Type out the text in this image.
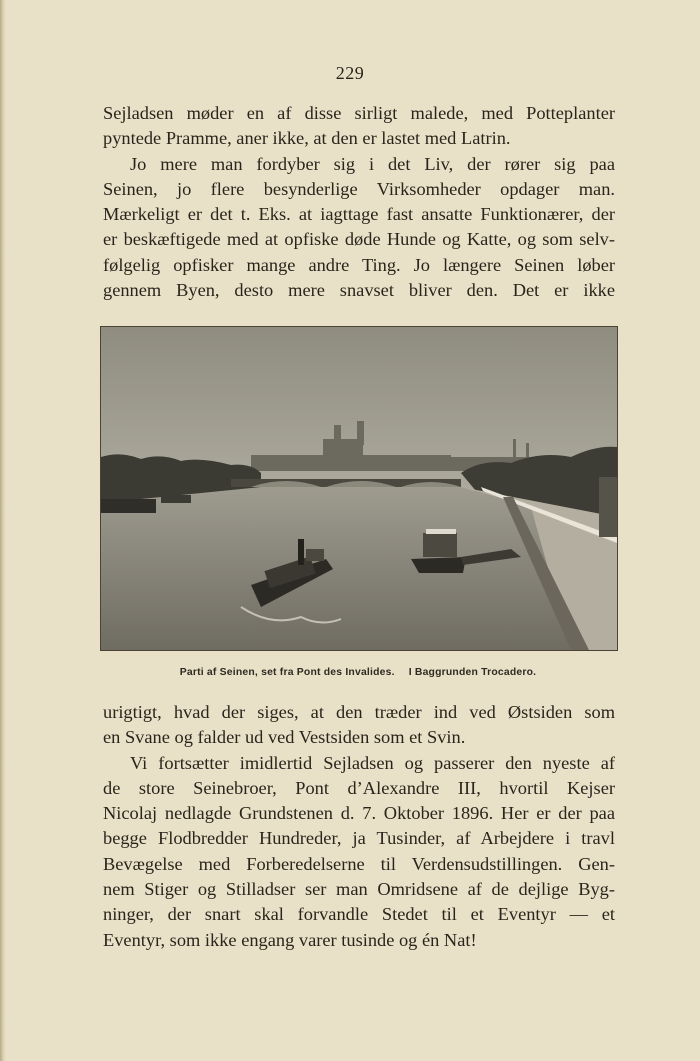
229

Sejladsen møder en af disse sirligt malede, med Potteplanter

pyntede Pramme, aner ikke, at den er lastet med Latrin.

Jo mere man fordyber sig i det Liv, der rører sig paa

Seinen, jo flere besynderlige Virksomheder opdager man.

Mærkeligt er det t. Eks. at iagttage fast ansatte Funktionærer, der

er beskæftigede med at opfiske døde Hunde og Katte, og som selv-

følgelig opfisker mange andre Ting. Jo længere Seinen løber

gennem Byen, desto mere snavset bliver den. Det er ikke

Parti af Seinen, set fra Pont des Invalides. I Baggrunden Trocadero.

urigtigt, hvad der siges, at den træder ind ved Østsiden som

en Svane og falder ud ved Vestsiden som et Svin.

Vi fortsætter imidlertid Sejladsen og passerer den nyeste af

de store Seinebroer, Pont d’Alexandre III, hvortil Kejser

Nicolaj nedlagde Grundstenen d. 7. Oktober 1896. Her er der paa

begge Flodbredder Hundreder, ja Tusinder, af Arbejdere i travl

Bevægelse med Forberedelserne til Verdensudstillingen. Gen-

nem Stiger og Stilladser ser man Omridsene af de dejlige Byg-

ninger, der snart skal forvandle Stedet til et Eventyr — et

Eventyr, som ikke engang varer tusinde og én Nat!
